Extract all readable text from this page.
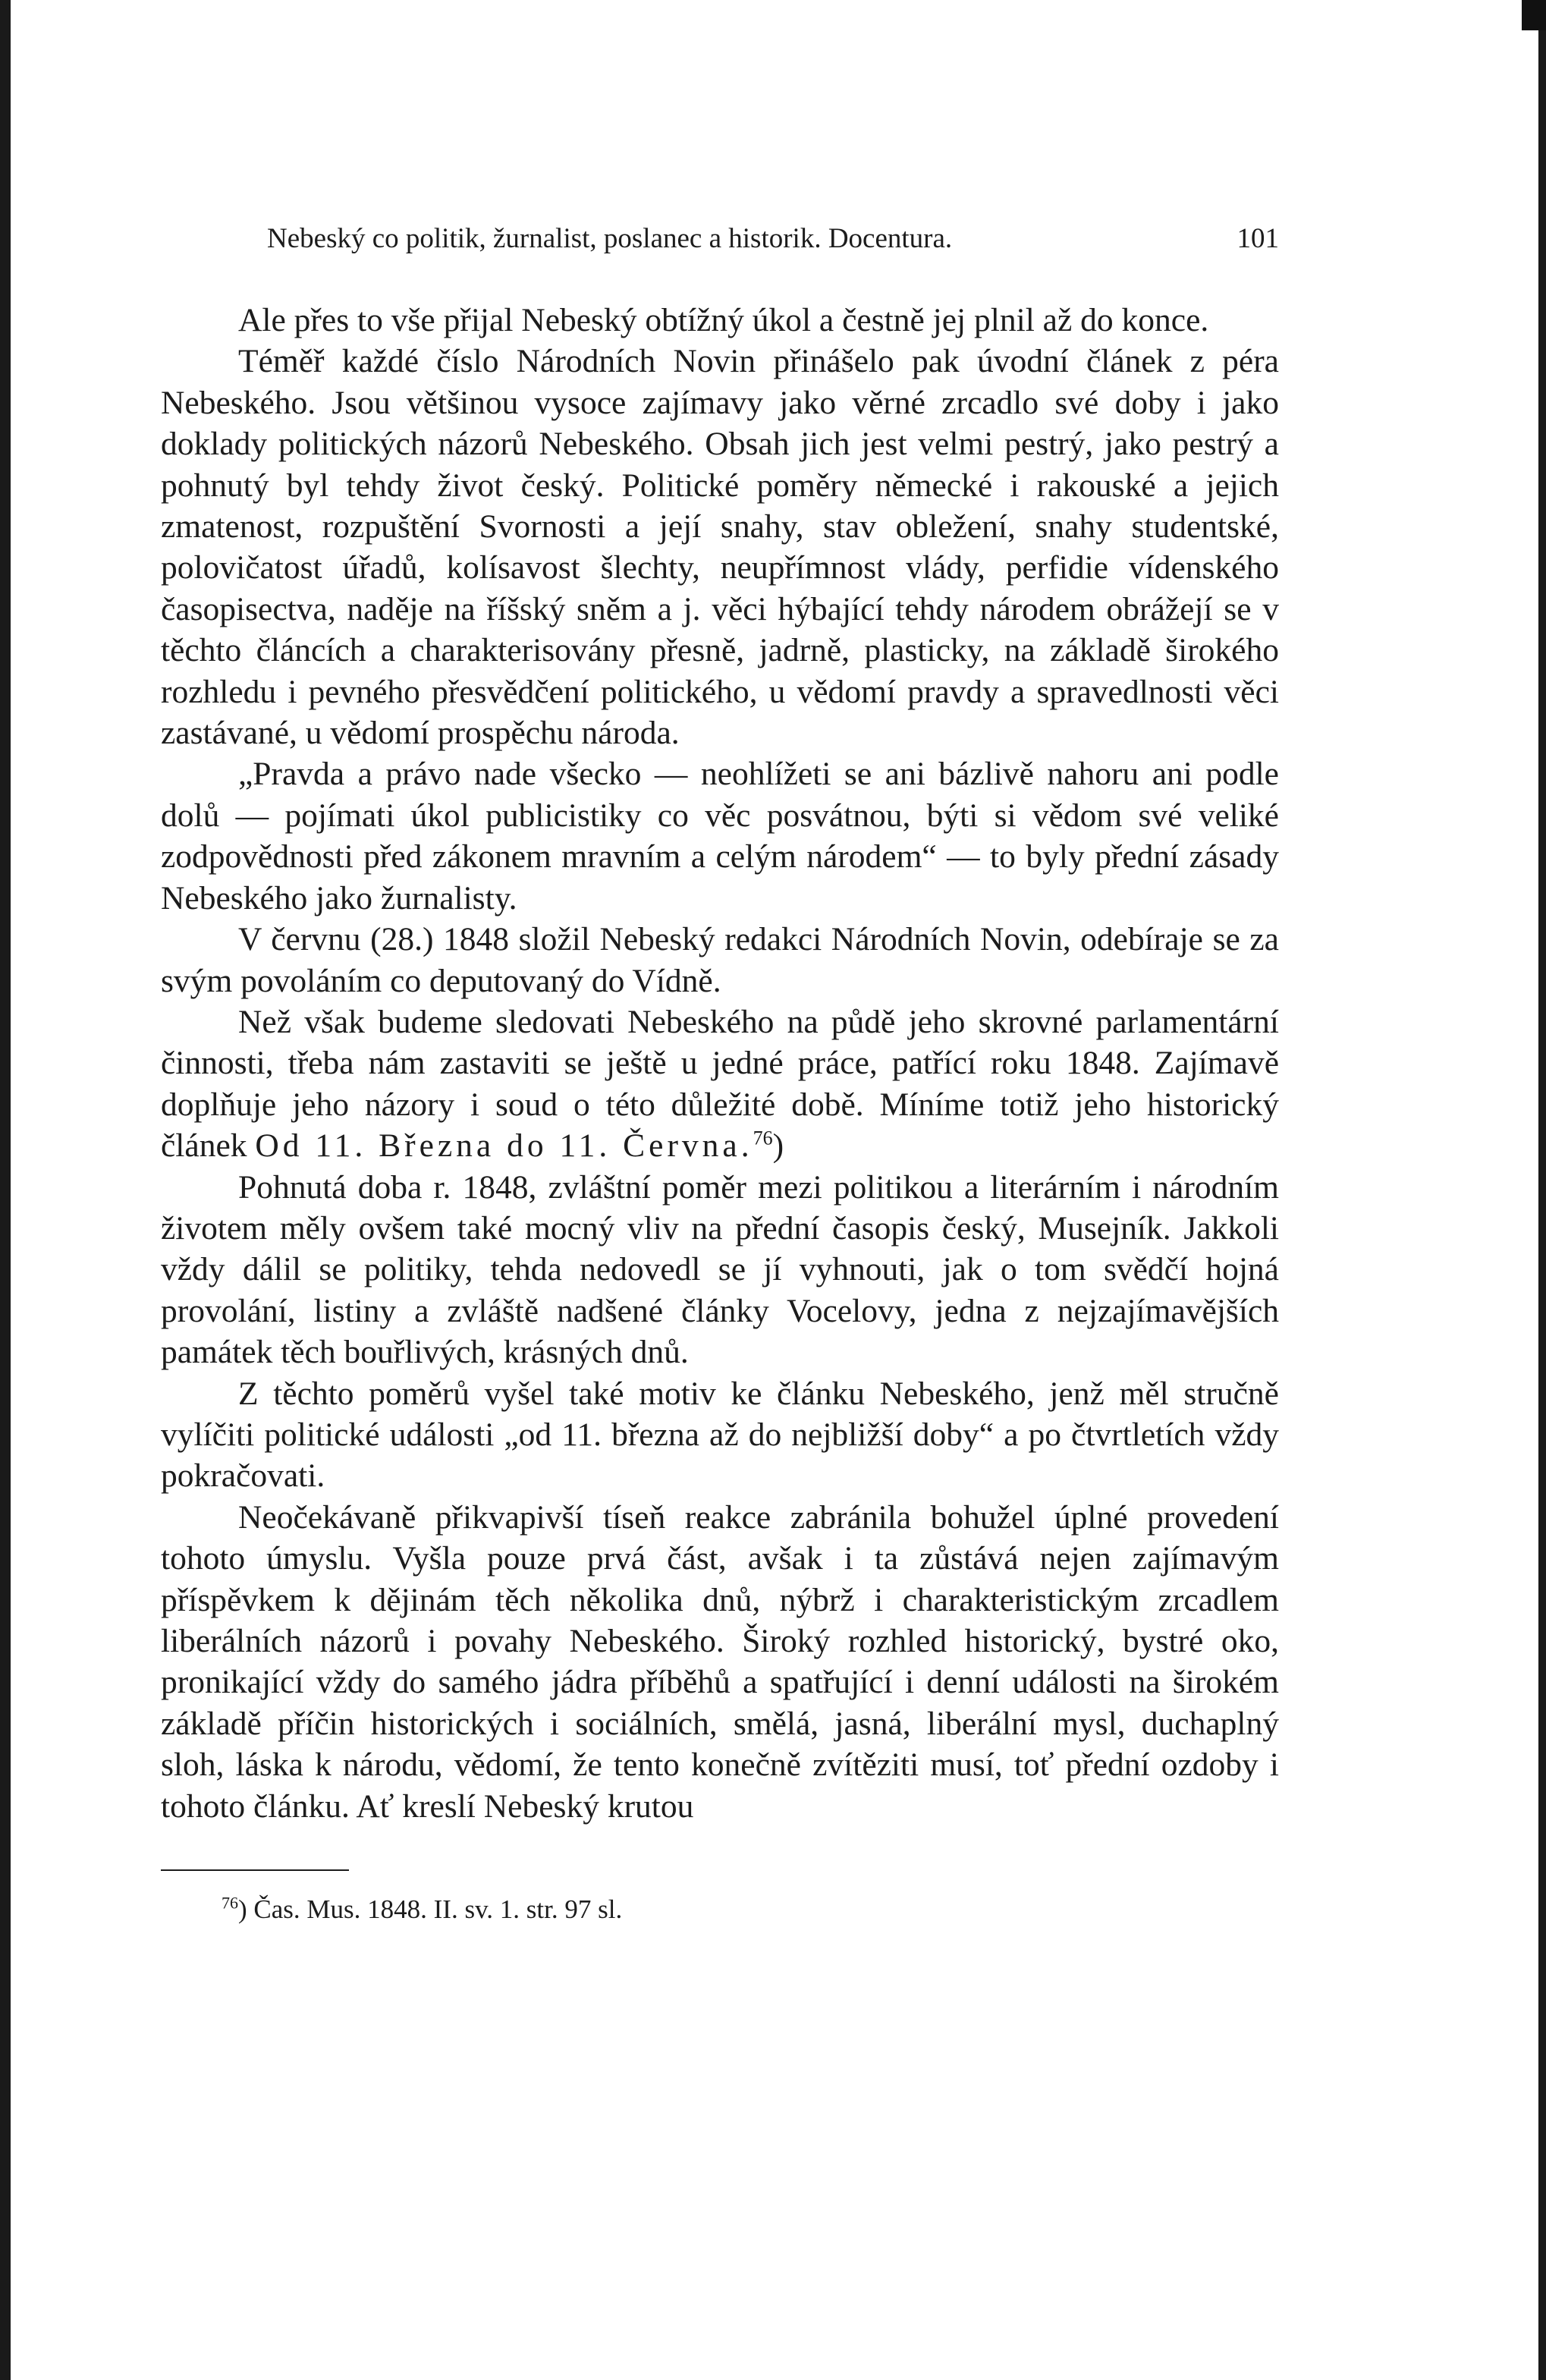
Nebeský co politik, žurnalist, poslanec a historik. Docentura.	101

Ale přes to vše přijal Nebeský obtížný úkol a čestně jej plnil až do konce.

Téměř každé číslo Národních Novin přinášelo pak úvodní článek z péra Nebeského. Jsou většinou vysoce zajímavy jako věrné zrcadlo své doby i jako doklady politických názorů Nebeského. Obsah jich jest velmi pestrý, jako pestrý a pohnutý byl tehdy život český. Politické poměry německé i rakouské a jejich zmatenost, rozpuštění Svornosti a její snahy, stav obležení, snahy studentské, polovičatost úřadů, kolísavost šlechty, neupřímnost vlády, perfidie vídenského časopisectva, naděje na říšský sněm a j. věci hýbající tehdy národem obrážejí se v těchto článcích a charakterisovány přesně, jadrně, plasticky, na základě širokého rozhledu i pevného přesvědčení politického, u vědomí pravdy a spravedlnosti věci zastávané, u vědomí prospěchu národa.

„Pravda a právo nade všecko — neohlížeti se ani bázlivě nahoru ani podle dolů — pojímati úkol publicistiky co věc posvátnou, býti si vědom své veliké zodpovědnosti před zákonem mravním a celým národem“ — to byly přední zásady Nebeského jako žurnalisty.

V červnu (28.) 1848 složil Nebeský redakci Národních Novin, odebíraje se za svým povoláním co deputovaný do Vídně.

Než však budeme sledovati Nebeského na půdě jeho skrovné parlamentární činnosti, třeba nám zastaviti se ještě u jedné práce, patřící roku 1848. Zajímavě doplňuje jeho názory i soud o této důležité době. Míníme totiž jeho historický článek Od 11. Března do 11. Června.$^{76}$)

Pohnutá doba r. 1848, zvláštní poměr mezi politikou a literárním i národním životem měly ovšem také mocný vliv na přední časopis český, Musejník. Jakkoli vždy dálil se politiky, tehda nedovedl se jí vyhnouti, jak o tom svědčí hojná provolání, listiny a zvláště nadšené články Vocelovy, jedna z nejzajímavějších památek těch bouřlivých, krásných dnů.

Z těchto poměrů vyšel také motiv ke článku Nebeského, jenž měl stručně vylíčiti politické události „od 11. března až do nejbližší doby“ a po čtvrtletích vždy pokračovati.

Neočekávaně přikvapivší tíseň reakce zabránila bohužel úplné provedení tohoto úmyslu. Vyšla pouze prvá část, avšak i ta zůstává nejen zajímavým příspěvkem k dějinám těch několika dnů, nýbrž i charakteristickým zrcadlem liberálních názorů i povahy Nebeského. Široký rozhled historický, bystré oko, pronikající vždy do samého jádra příběhů a spatřující i denní události na širokém základě příčin historických i sociálních, smělá, jasná, liberální mysl, duchaplný sloh, láska k národu, vědomí, že tento konečně zvítěziti musí, toť přední ozdoby i tohoto článku. Ať kreslí Nebeský krutou

$^{76}$) Čas. Mus. 1848. II. sv. 1. str. 97 sl.
